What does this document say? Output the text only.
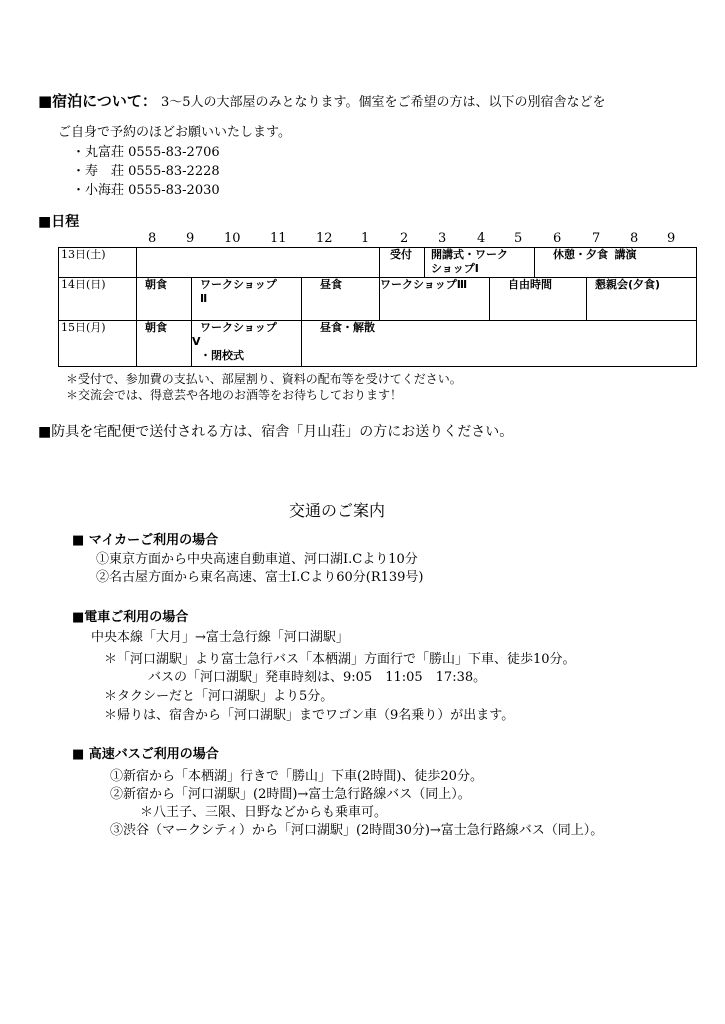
■宿泊について： 3〜5人の大部屋のみとなります。個室をご希望の方は、以下の別宿舎などを
ご自身で予約のほどお願いいたします。
・丸富荘 0555-83-2706
・寿　荘 0555-83-2228
・小海荘 0555-83-2030
■日程
8 9 10 11 12 1 2 3 4 5 6 7 8 9
13日(土)				受付	開講式・ワーク
ショップⅠ		休憩・夕食	講演
14日(日)	朝食	ワークショップ
Ⅱ	昼食	ワークショップⅢ		自由時間		懇親会(夕食)
15日(月)	朝食	ワークショップ
Ⅴ
・閉校式	昼食・解散					
＊受付で、参加費の支払い、部屋割り、資料の配布等を受けてください。
＊交流会では、得意芸や各地のお酒等をお待ちしております！
■防具を宅配便で送付される方は、宿舎「月山荘」の方にお送りください。
交通のご案内
■ マイカーご利用の場合
①東京方面から中央高速自動車道、河口湖I.Cより10分
②名古屋方面から東名高速、富士I.Cより60分(R139号)
■電車ご利用の場合
中央本線「大月」→富士急行線「河口湖駅」
＊「河口湖駅」より富士急行バス「本栖湖」方面行で「勝山」下車、徒歩10分。
バスの「河口湖駅」発車時刻は、9:05　11:05　17:38。
＊タクシーだと「河口湖駅」より5分。
＊帰りは、宿舎から「河口湖駅」までワゴン車（9名乗り）が出ます。
■ 高速バスご利用の場合
①新宿から「本栖湖」行きで「勝山」下車(2時間)、徒歩20分。
②新宿から「河口湖駅」(2時間)→富士急行路線バス（同上）。
＊八王子、三限、日野などからも乗車可。
③渋谷（マークシティ）から「河口湖駅」(2時間30分)→富士急行路線バス（同上）。
